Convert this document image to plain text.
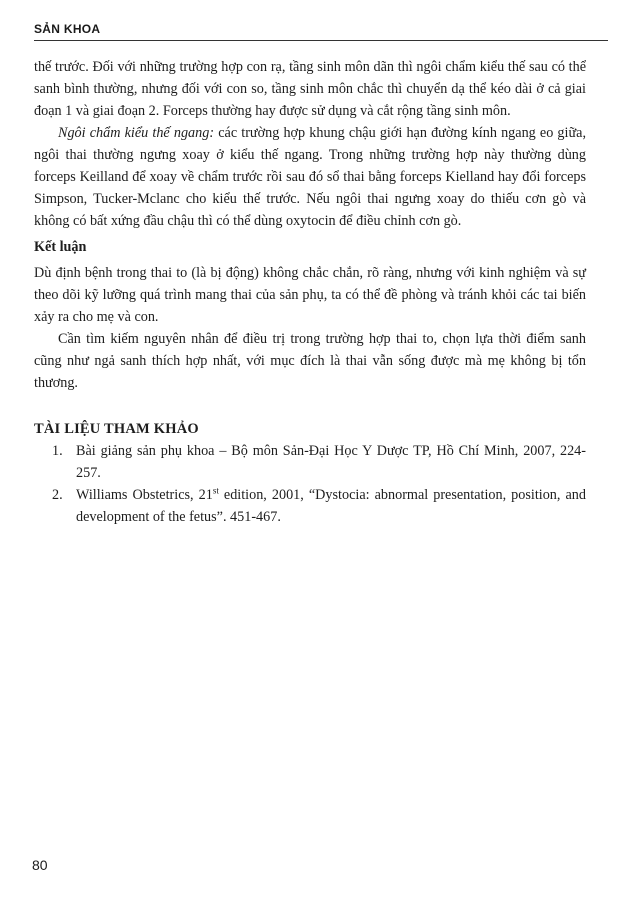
SẢN KHOA

thế trước. Đối với những trường hợp con rạ, tầng sinh môn dãn thì ngôi chẩm kiểu thế sau có thể sanh bình thường, nhưng đối với con so, tầng sinh môn chắc thì chuyển dạ thể kéo dài ở cả giai đoạn 1 và giai đoạn 2. Forceps thường hay được sử dụng và cắt rộng tầng sinh môn.

Ngôi chẩm kiểu thế ngang: các trường hợp khung chậu giới hạn đường kính ngang eo giữa, ngôi thai thường ngưng xoay ở kiểu thế ngang. Trong những trường hợp này thường dùng forceps Keilland để xoay về chẩm trước rồi sau đó sổ thai bằng forceps Kielland hay đổi forceps Simpson, Tucker-Mclanc cho kiểu thế trước. Nếu ngôi thai ngưng xoay do thiếu cơn gò và không có bất xứng đầu chậu thì có thể dùng oxytocin để điều chỉnh cơn gò.

Kết luận

Dù định bệnh trong thai to (là bị động) không chắc chắn, rõ ràng, nhưng với kinh nghiệm và sự theo dõi kỹ lưỡng quá trình mang thai của sản phụ, ta có thể đề phòng và tránh khỏi các tai biến xảy ra cho mẹ và con.

Cần tìm kiếm nguyên nhân để điều trị trong trường hợp thai to, chọn lựa thời điểm sanh cũng như ngả sanh thích hợp nhất, với mục đích là thai vẫn sống được mà mẹ không bị tổn thương.

TÀI LIỆU THAM KHẢO

1. Bài giảng sản phụ khoa – Bộ môn Sản-Đại Học Y Dược TP, Hồ Chí Minh, 2007, 224-257.
2. Williams Obstetrics, 21st edition, 2001, “Dystocia: abnormal presentation, position, and development of the fetus”. 451-467.
80
